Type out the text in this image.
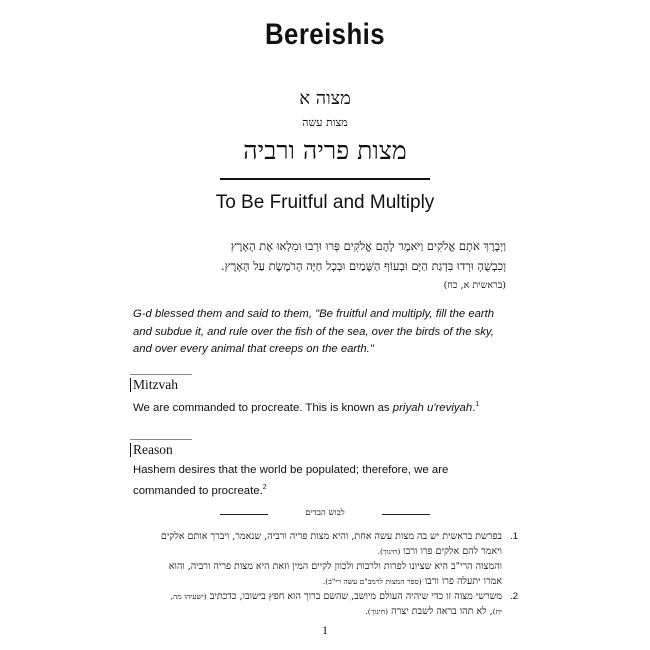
Bereishis
מצוה א
מצות עשה
מצות פריה ורביה
To Be Fruitful and Multiply
וַיְבָרֶךְ אֹתָם אֱלֹקִים וַיֹּאמֶר לָהֶם אֱלֹקִים פְּרוּ וּרְבוּ וּמִלְאוּ אֶת הָאָרֶץ
וְכִבְשֻׁהָ וּרְדוּ בִּדְגַת הַיָּם וּבְעוֹף הַשָּׁמַיִם וּבְכָל חַיָּה הָרֹמֶשֶׂת עַל הָאָרֶץ.
(בראשית א, כח)
G-d blessed them and said to them, "Be fruitful and multiply, fill the earth and subdue it, and rule over the fish of the sea, over the birds of the sky, and over every animal that creeps on the earth."
Mitzvah
We are commanded to procreate. This is known as priyah u'reviyah.$^1$
Reason
Hashem desires that the world be populated; therefore, we are commanded to procreate.$^2$
לבוש הבדים
.1
בפרשת בראשית יש בה מצות עשה אחת, והיא מצות פריה ורביה, שנאמר, ויברך אותם אלקים
ויאמר להם אלקים פרו ורבו (חינוך).
והמצוה הרי"ב היא שציונו לפרות ולרבות ולכוון לקיים המין וזאת היא מצות פריה ורביה, והוא
אמרו יתעלה פרו ורבו (ספר המצות לרמב"ם עשה רי"ב).
.2
משרשי מצוה זו כדי שיהיה העולם מיושב, שהשם ברוך הוא חפץ בישובו, כדכתיב (ישעיהו מה,
יח), לא תהו בראה לשבת יצרה (חינוך).
1
